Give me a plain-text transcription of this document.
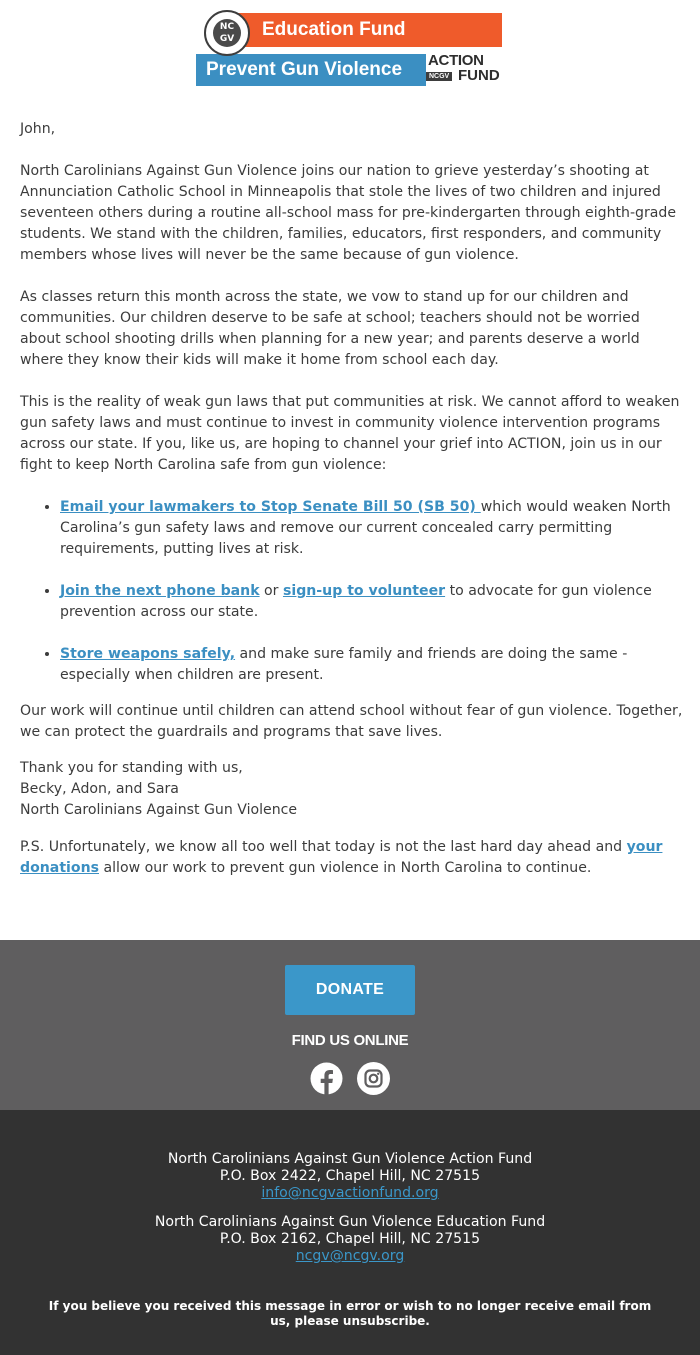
Education Fund
NC GV
Prevent Gun Violence	ACTION
NCGV FUND

John,

North Carolinians Against Gun Violence joins our nation to grieve yesterday’s shooting at Annunciation Catholic School in Minneapolis that stole the lives of two children and injured seventeen others during a routine all-school mass for pre-kindergarten through eighth-grade students. We stand with the children, families, educators, first responders, and community members whose lives will never be the same because of gun violence.

As classes return this month across the state, we vow to stand up for our children and communities. Our children deserve to be safe at school; teachers should not be worried about school shooting drills when planning for a new year; and parents deserve a world where they know their kids will make it home from school each day.

This is the reality of weak gun laws that put communities at risk. We cannot afford to weaken gun safety laws and must continue to invest in community violence intervention programs across our state. If you, like us, are hoping to channel your grief into ACTION, join us in our fight to keep North Carolina safe from gun violence:

• Email your lawmakers to Stop Senate Bill 50 (SB 50) which would weaken North Carolina’s gun safety laws and remove our current concealed carry permitting requirements, putting lives at risk.
• Join the next phone bank or sign-up to volunteer to advocate for gun violence prevention across our state.
• Store weapons safely, and make sure family and friends are doing the same - especially when children are present.

Our work will continue until children can attend school without fear of gun violence. Together, we can protect the guardrails and programs that save lives.

Thank you for standing with us,
Becky, Adon, and Sara
North Carolinians Against Gun Violence

P.S. Unfortunately, we know all too well that today is not the last hard day ahead and your donations allow our work to prevent gun violence in North Carolina to continue.

DONATE
FIND US ONLINE
North Carolinians Against Gun Violence Action Fund
P.O. Box 2422, Chapel Hill, NC 27515
info@ncgvactionfund.org
North Carolinians Against Gun Violence Education Fund
P.O. Box 2162, Chapel Hill, NC 27515
ncgv@ncgv.org
If you believe you received this message in error or wish to no longer receive email from us, please unsubscribe.
